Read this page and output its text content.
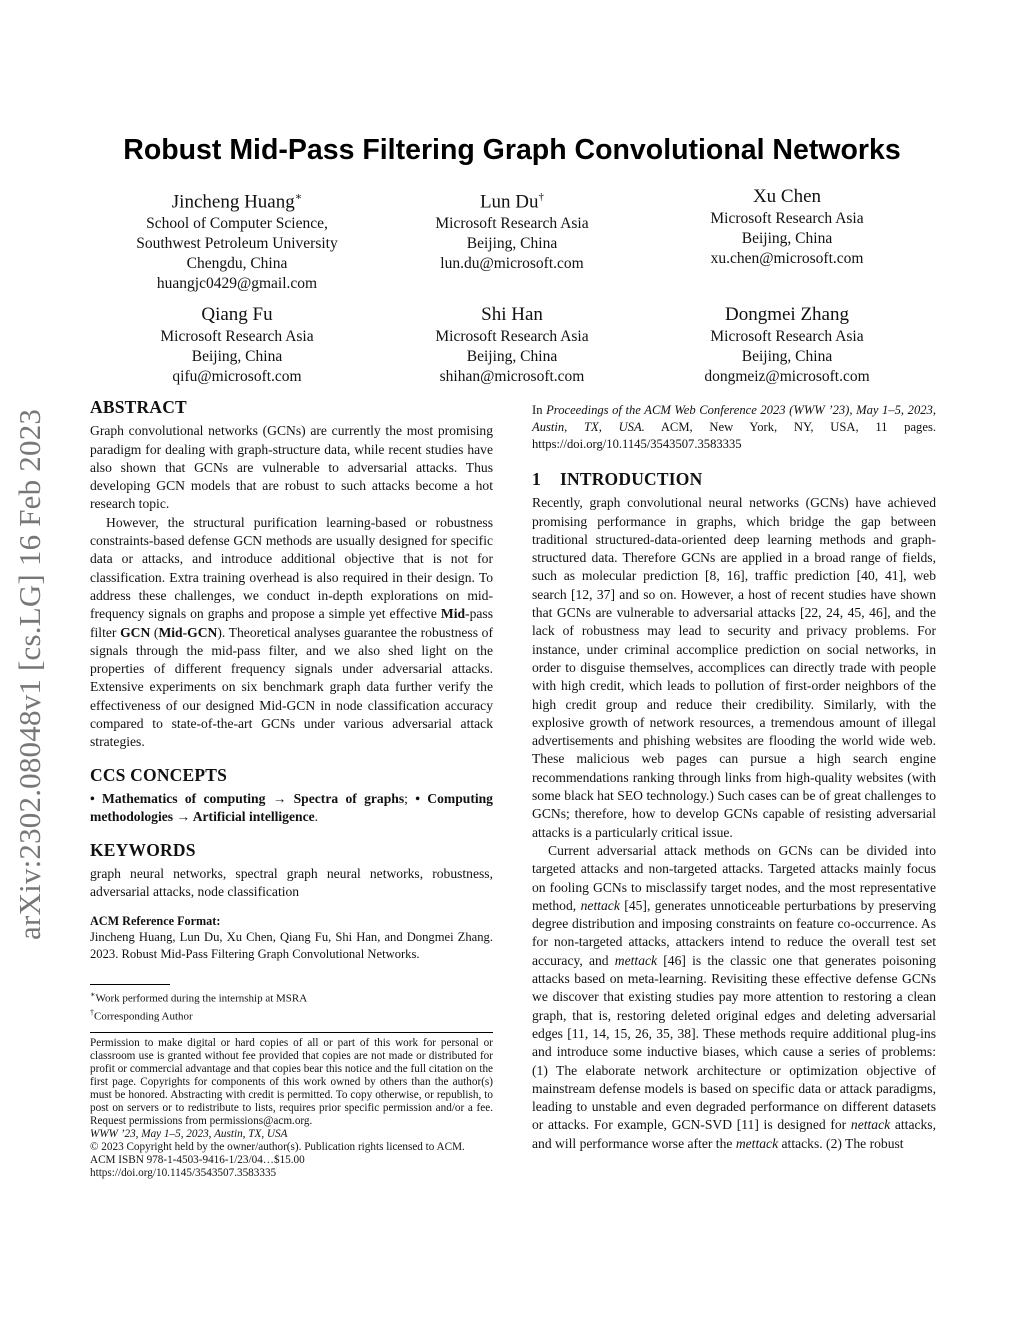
arXiv:2302.08048v1 [cs.LG] 16 Feb 2023
Robust Mid-Pass Filtering Graph Convolutional Networks
Jincheng Huang∗
School of Computer Science,
Southwest Petroleum University
Chengdu, China
huangjc0429@gmail.com
Lun Du†
Microsoft Research Asia
Beijing, China
lun.du@microsoft.com
Xu Chen
Microsoft Research Asia
Beijing, China
xu.chen@microsoft.com
Qiang Fu
Microsoft Research Asia
Beijing, China
qifu@microsoft.com
Shi Han
Microsoft Research Asia
Beijing, China
shihan@microsoft.com
Dongmei Zhang
Microsoft Research Asia
Beijing, China
dongmeiz@microsoft.com
ABSTRACT

Graph convolutional networks (GCNs) are currently the most promising paradigm for dealing with graph-structure data, while recent studies have also shown that GCNs are vulnerable to adversarial attacks. Thus developing GCN models that are robust to such attacks become a hot research topic.

However, the structural purification learning-based or robustness constraints-based defense GCN methods are usually designed for specific data or attacks, and introduce additional objective that is not for classification. Extra training overhead is also required in their design. To address these challenges, we conduct in-depth explorations on mid-frequency signals on graphs and propose a simple yet effective Mid-pass filter GCN (Mid-GCN). Theoretical analyses guarantee the robustness of signals through the mid-pass filter, and we also shed light on the properties of different frequency signals under adversarial attacks. Extensive experiments on six benchmark graph data further verify the effectiveness of our designed Mid-GCN in node classification accuracy compared to state-of-the-art GCNs under various adversarial attack strategies.

CCS CONCEPTS

• Mathematics of computing → Spectra of graphs; • Computing methodologies → Artificial intelligence.

KEYWORDS

graph neural networks, spectral graph neural networks, robustness, adversarial attacks, node classification

ACM Reference Format:

Jincheng Huang, Lun Du, Xu Chen, Qiang Fu, Shi Han, and Dongmei Zhang. 2023. Robust Mid-Pass Filtering Graph Convolutional Networks.

∗Work performed during the internship at MSRA
†Corresponding Author

Permission to make digital or hard copies of all or part of this work for personal or classroom use is granted without fee provided that copies are not made or distributed for profit or commercial advantage and that copies bear this notice and the full citation on the first page. Copyrights for components of this work owned by others than the author(s) must be honored. Abstracting with credit is permitted. To copy otherwise, or republish, to post on servers or to redistribute to lists, requires prior specific permission and/or a fee. Request permissions from permissions@acm.org.

WWW ’23, May 1–5, 2023, Austin, TX, USA

© 2023 Copyright held by the owner/author(s). Publication rights licensed to ACM.

ACM ISBN 978-1-4503-9416-1/23/04…$15.00

https://doi.org/10.1145/3543507.3583335

In Proceedings of the ACM Web Conference 2023 (WWW ’23), May 1–5, 2023, Austin, TX, USA. ACM, New York, NY, USA, 11 pages. https://doi.org/10.1145/3543507.3583335

1 INTRODUCTION

Recently, graph convolutional neural networks (GCNs) have achieved promising performance in graphs, which bridge the gap between traditional structured-data-oriented deep learning methods and graph-structured data. Therefore GCNs are applied in a broad range of fields, such as molecular prediction [8, 16], traffic prediction [40, 41], web search [12, 37] and so on. However, a host of recent studies have shown that GCNs are vulnerable to adversarial attacks [22, 24, 45, 46], and the lack of robustness may lead to security and privacy problems. For instance, under criminal accomplice prediction on social networks, in order to disguise themselves, accomplices can directly trade with people with high credit, which leads to pollution of first-order neighbors of the high credit group and reduce their credibility. Similarly, with the explosive growth of network resources, a tremendous amount of illegal advertisements and phishing websites are flooding the world wide web. These malicious web pages can pursue a high search engine recommendations ranking through links from high-quality websites (with some black hat SEO technology.) Such cases can be of great challenges to GCNs; therefore, how to develop GCNs capable of resisting adversarial attacks is a particularly critical issue.

Current adversarial attack methods on GCNs can be divided into targeted attacks and non-targeted attacks. Targeted attacks mainly focus on fooling GCNs to misclassify target nodes, and the most representative method, nettack [45], generates unnoticeable perturbations by preserving degree distribution and imposing constraints on feature co-occurrence. As for non-targeted attacks, attackers intend to reduce the overall test set accuracy, and mettack [46] is the classic one that generates poisoning attacks based on meta-learning. Revisiting these effective defense GCNs we discover that existing studies pay more attention to restoring a clean graph, that is, restoring deleted original edges and deleting adversarial edges [11, 14, 15, 26, 35, 38]. These methods require additional plug-ins and introduce some inductive biases, which cause a series of problems: (1) The elaborate network architecture or optimization objective of mainstream defense models is based on specific data or attack paradigms, leading to unstable and even degraded performance on different datasets or attacks. For example, GCN-SVD [11] is designed for nettack attacks, and will performance worse after the mettack attacks. (2) The robust
